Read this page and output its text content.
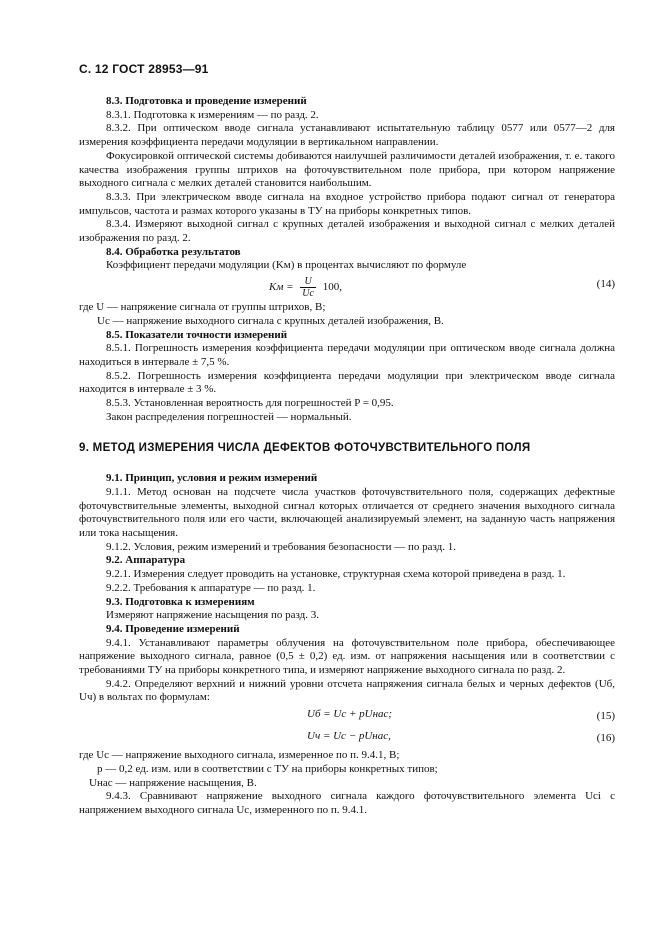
С. 12 ГОСТ 28953—91

8.3. Подготовка и проведение измерений

8.3.1. Подготовка к измерениям — по разд. 2.

8.3.2. При оптическом вводе сигнала устанавливают испытательную таблицу 0577 или 0577—2 для измерения коэффициента передачи модуляции в вертикальном направлении.

Фокусировкой оптической системы добиваются наилучшей различимости деталей изображения, т. е. такого качества изображения группы штрихов на фоточувствительном поле прибора, при котором напряжение выходного сигнала с мелких деталей становится наибольшим.

8.3.3. При электрическом вводе сигнала на входное устройство прибора подают сигнал от генератора импульсов, частота и размах которого указаны в ТУ на приборы конкретных типов.

8.3.4. Измеряют выходной сигнал с крупных деталей изображения и выходной сигнал с мелких деталей изображения по разд. 2.

8.4. Обработка результатов

Коэффициент передачи модуляции (Kм) в процентах вычисляют по формуле

Kм = $\frac{U}{Uс} 100$,	(14)

где U — напряжение сигнала от группы штрихов, В;

Uс — напряжение выходного сигнала с крупных деталей изображения, В.

8.5. Показатели точности измерений

8.5.1. Погрешность измерения коэффициента передачи модуляции при оптическом вводе сигнала должна находиться в интервале ± 7,5 %.

8.5.2. Погрешность измерения коэффициента передачи модуляции при электрическом вводе сигнала находится в интервале ± 3 %.

8.5.3. Установленная вероятность для погрешностей P = 0,95.

Закон распределения погрешностей — нормальный.

9. МЕТОД ИЗМЕРЕНИЯ ЧИСЛА ДЕФЕКТОВ ФОТОЧУВСТВИТЕЛЬНОГО ПОЛЯ

9.1. Принцип, условия и режим измерений

9.1.1. Метод основан на подсчете числа участков фоточувствительного поля, содержащих дефектные фоточувствительные элементы, выходной сигнал которых отличается от среднего значения выходного сигнала фоточувствительного поля или его части, включающей анализируемый элемент, на заданную часть напряжения или тока насыщения.

9.1.2. Условия, режим измерений и требования безопасности — по разд. 1.

9.2. Аппаратура

9.2.1. Измерения следует проводить на установке, структурная схема которой приведена в разд. 1.

9.2.2. Требования к аппаратуре — по разд. 1.

9.3. Подготовка к измерениям

Измеряют напряжение насыщения по разд. 3.

9.4. Проведение измерений

9.4.1. Устанавливают параметры облучения на фоточувствительном поле прибора, обеспечивающее напряжение выходного сигнала, равное (0,5 ± 0,2) ед. изм. от напряжения насыщения или в соответствии с требованиями ТУ на приборы конкретного типа, и измеряют напряжение выходного сигнала по разд. 2.

9.4.2. Определяют верхний и нижний уровни отсчета напряжения сигнала белых и черных дефектов (Uб, Uч) в вольтах по формулам:

Uб = Uс + pUнас;	(15)
Uч = Uс − pUнас,	(16)

где Uс — напряжение выходного сигнала, измеренное по п. 9.4.1, В;

p — 0,2 ед. изм. или в соответствии с ТУ на приборы конкретных типов;

Uнас — напряжение насыщения, В.

9.4.3. Сравнивают напряжение выходного сигнала каждого фоточувствительного элемента Uсi с напряжением выходного сигнала Uс, измеренного по п. 9.4.1.
